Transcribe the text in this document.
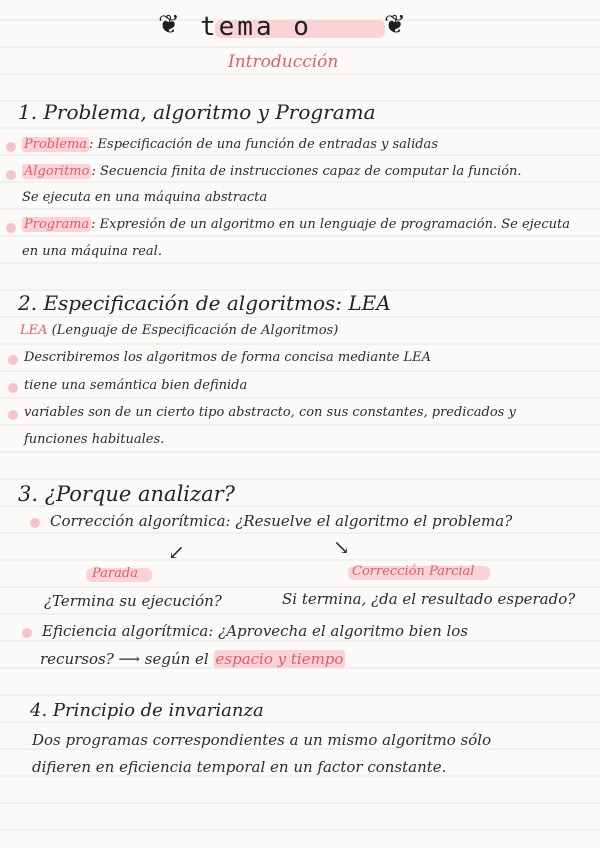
❦ tema o	❦
Introducción
1. Problema, algoritmo y Programa
Problema : Especificación de una función de entradas y salidas
Algoritmo : Secuencia finita de instrucciones capaz de computar la función.
Se ejecuta en una máquina abstracta
Programa : Expresión de un algoritmo en un lenguaje de programación. Se ejecuta
en una máquina real.
2. Especificación de algoritmos: LEA
LEA (Lenguaje de Especificación de Algoritmos)
Describiremos los algoritmos de forma concisa mediante LEA
tiene una semántica bien definida
variables son de un cierto tipo abstracto, con sus constantes, predicados y
funciones habituales.
3. ¿Porque analizar?
Corrección algorítmica: ¿Resuelve el algoritmo el problema?
↙	↘
Parada	Corrección Parcial
¿Termina su ejecución?	Si termina, ¿da el resultado esperado?
Eficiencia algorítmica: ¿Aprovecha el algoritmo bien los
recursos? ⟶ según el espacio y tiempo
4. Principio de invarianza
Dos programas correspondientes a un mismo algoritmo sólo
difieren en eficiencia temporal en un factor constante.
